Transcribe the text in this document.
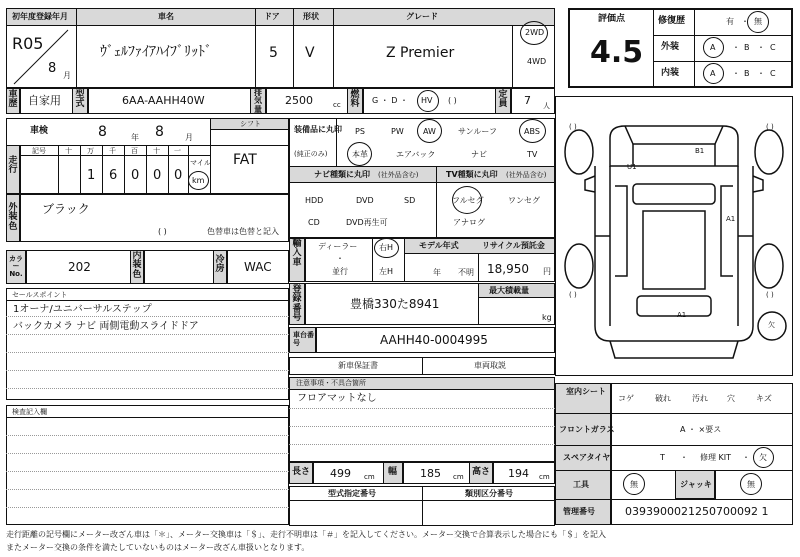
初年度登録年月
R05
8 月
車名
ｳﾞｪﾙﾌｧｲｱﾊｲﾌﾞﾘｯﾄﾞ
ドア
5
形状
V
グレード
Z Premier
2WD
4WD
評価点
4.5
修復歴	有 ・ 無
外装	A ・ B ・ C
内装	A ・ B ・ C
車歴 自家用 型式	6AA-AAHH40W
排気量
2500	cc
燃料	G ・ D ・ HV ( )
定員 7 人
車検	8	年 8	月
シフト
FAT
走行
記号	十 万 千 百 十 一
1 6 0 0 0
マイル
km
装備品に丸印
(純正のみ)
PS	PW AW	サンルーフ	ABS
本革	エアバック	ナビ	TV
ナビ種類に丸印 (社外品含む)	TV種類に丸印 (社外品含む)
HDD	DVD	SD
CD	DVD再生可
フルセグ	ワンセグ
アナログ
外装色
ブラック
( )	色替車は色替と記入
カラーNo.	202
内装色
冷房 WAC
輸入車
ディーラー
・
並行
右H
左H
モデル年式
年 不明
リサイクル預託金
18,950 円
セールスポイント
1オーナ/ユニバーサルステップ
バックカメラ ナビ 両側電動スライドドア
検査記入欄
登録番号
豊橋330た8941
最大積載量
kg
車台番号	AAHH40-0004995
新車保証書	車両取説
注意事項・不具合箇所
フロアマットなし
長さ 499 cm 幅 185 cm 高さ 194 cm
型式指定番号	類別区分番号
B1
U1
A1
A1
欠
( )	( )
( )	( )
室内シート
コゲ	破れ	汚れ 穴	キズ
フロントガラス	A ・ ×要ス
スペアタイヤ	T ・ 修理 KIT ・ 欠
工具	無	ジャッキ	無
管理番号	0393900021250700092 1
走行距離の記号欄にメーター改ざん車は「＊」、メーター交換車は「＄」、走行不明車は「＃」を記入してください。メーター交換で合算表示した場合にも「＄」を記入
またメーター交換の条件を満たしていないものはメーター改ざん車扱いとなります。
